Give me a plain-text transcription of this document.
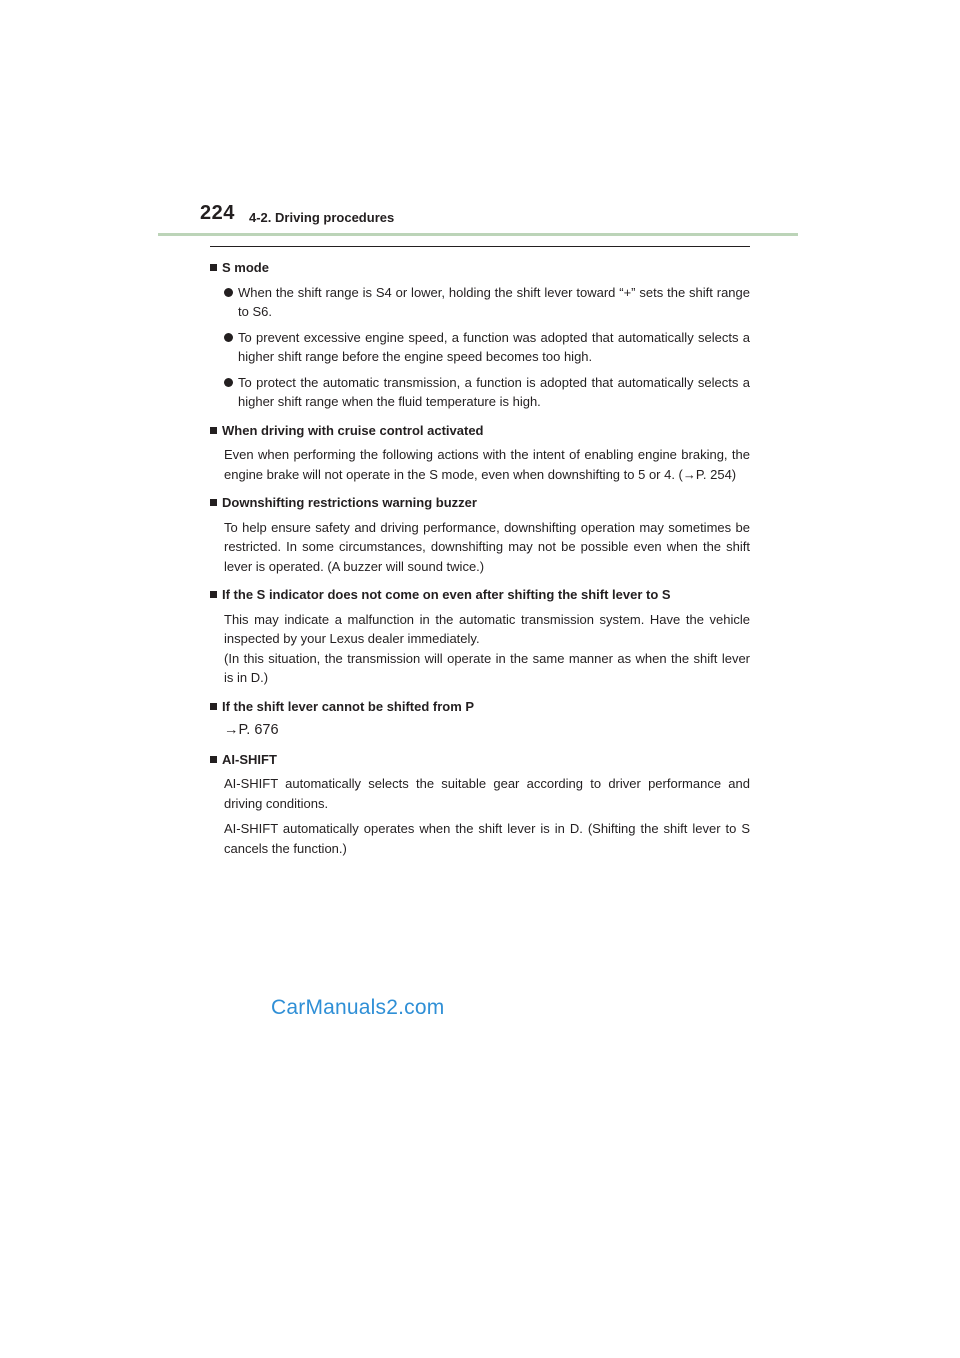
224 4-2. Driving procedures
S mode
When the shift range is S4 or lower, holding the shift lever toward “+” sets the shift range to S6.
To prevent excessive engine speed, a function was adopted that automatically selects a higher shift range before the engine speed becomes too high.
To protect the automatic transmission, a function is adopted that automatically selects a higher shift range when the fluid temperature is high.
When driving with cruise control activated
Even when performing the following actions with the intent of enabling engine braking, the engine brake will not operate in the S mode, even when downshifting to 5 or 4. (→P. 254)
Downshifting restrictions warning buzzer
To help ensure safety and driving performance, downshifting operation may sometimes be restricted. In some circumstances, downshifting may not be possible even when the shift lever is operated. (A buzzer will sound twice.)
If the S indicator does not come on even after shifting the shift lever to S
This may indicate a malfunction in the automatic transmission system. Have the vehicle inspected by your Lexus dealer immediately.
(In this situation, the transmission will operate in the same manner as when the shift lever is in D.)
If the shift lever cannot be shifted from P
→P. 676
AI-SHIFT
AI-SHIFT automatically selects the suitable gear according to driver performance and driving conditions.
AI-SHIFT automatically operates when the shift lever is in D. (Shifting the shift lever to S cancels the function.)
CarManuals2.com
